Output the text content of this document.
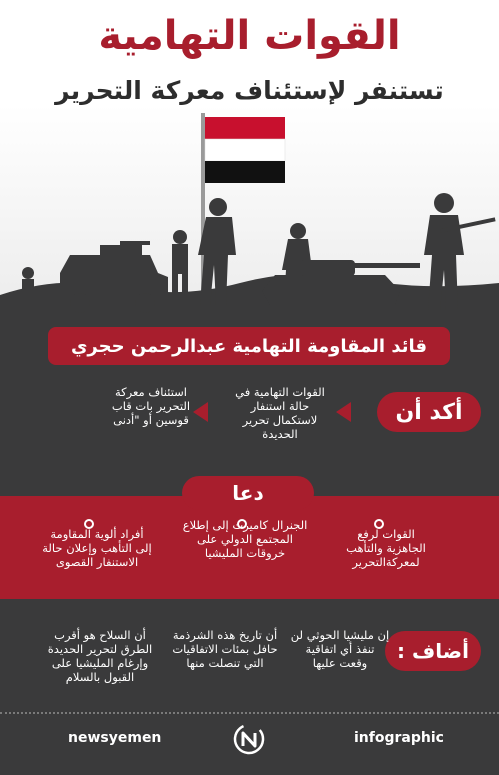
القوات التهامية
تستنفر لإستئناف معركة التحرير
قائد المقاومة التهامية عبدالرحمن حجري
أكد أن
القوات التهامية في حالة استنفار لاستكمال تحرير الحديدة
استئناف معركة التحرير بات قاب قوسين أو "أدنى
دعا
القوات لرفع الجاهزية والتأهب لمعركةالتحرير
الجنرال كاميرت إلى إطلاع المجتمع الدولي على خروقات المليشيا
أفراد ألوية المقاومة إلى التأهب وإعلان حالة الاستنفار القصوى
أضاف :
إن مليشيا الحوثي لن تنفذ أي اتفاقية وقعت عليها
أن تاريخ هذه الشرذمة حافل بمئات الاتفاقيات التي تنصلت منها
أن السلاح هو أقرب الطرق لتحرير الحديدة وإرغام المليشيا على القبول بالسلام
newsyemen	infographic
